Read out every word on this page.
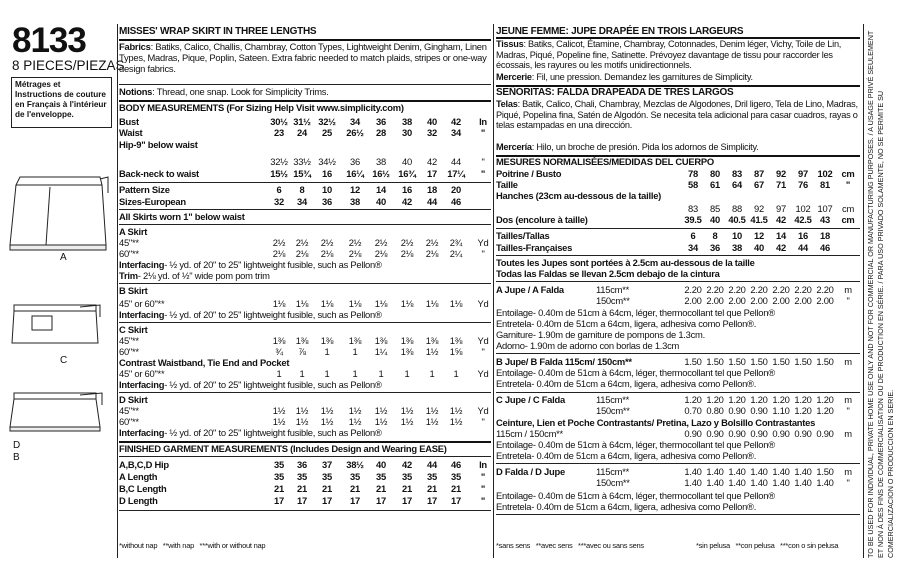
8133
8 PIECES/PIEZAS
Métrages et Instructions de couture en Français à l'intérieur de l'enveloppe.
A
C
D
B
MISSES' WRAP SKIRT IN THREE LENGTHS
Fabrics: Batiks, Calico, Challis, Chambray, Cotton Types, Lightweight Denim, Gingham, Linen Types, Madras, Pique, Poplin, Sateen. Extra fabric needed to match plaids, stripes or one-way design fabrics.
Notions: Thread, one snap. Look for Simplicity Trims.
BODY MEASUREMENTS (For Sizing Help Visit www.simplicity.com)
Bust	30½ 31½ 32½	34	36	38	40	42	In
Waist	23	24	25	26½	28	30	32	34	"
Hip-9" below waist
32½ 33½ 34½	36	38	40	42	44	"
Back-neck to waist	15½ 15¾	16	16¼ 16½ 16¾	17	17¼	"
Pattern Size	6	8	10	12	14	16	18	20
Sizes-European	32	34	36	38	40	42	44	46
All Skirts worn 1" below waist
A Skirt
45"**	2½	2½	2½	2½	2½	2½	2½	2¾	Yd
60"**	2⅛	2⅛	2⅛	2⅛	2⅛	2⅛	2⅛	2¼	"
Interfacing- ½ yd. of 20" to 25" lightweight fusible, such as Pellon®
Trim- 2⅛ yd. of ½" wide pom pom trim
B Skirt
45" or 60"**	1⅛	1⅛	1⅛	1⅛	1⅛	1⅛	1⅛	1⅛	Yd
Interfacing- ½ yd. of 20" to 25" lightweight fusible, such as Pellon®
C Skirt
45"**	1⅜	1⅜	1⅜	1⅜	1⅜	1⅜	1⅜	1⅜	Yd
60"**	¾	⅞	1	1	1¼	1⅜	1½	1⅝	"
Contrast Waistband, Tie End and Pocket
45" or 60"**	1	1	1	1	1	1	1	1	Yd
Interfacing- ½ yd. of 20" to 25" lightweight fusible, such as Pellon®
D Skirt
45"**	1½	1½	1½	1½	1½	1½	1½	1½	Yd
60"**	1½	1½	1½	1½	1½	1½	1½	1½	"
Interfacing- ½ yd. of 20" to 25" lightweight fusible, such as Pellon®
FINISHED GARMENT MEASUREMENTS (Includes Design and Wearing EASE)
A,B,C,D Hip	35	36	37	38½	40	42	44	46	In
A Length	35	35	35	35	35	35	35	35	"
B,C Length	21	21	21	21	21	21	21	21	"
D Length	17	17	17	17	17	17	17	17	"
*without nap   **with nap   ***with or without nap
JEUNE FEMME: JUPE DRAPÉE EN TROIS LARGEURS
Tissus: Batiks, Calicot, Étamine, Chambray, Cotonnades, Denim léger, Vichy, Toile de Lin, Madras, Piqué, Popeline fine, Satinette. Prévoyez davantage de tissu pour raccorder les écossais, les rayures ou les motifs unidirectionnels.
Mercerie: Fil, une pression. Demandez les garnitures de Simplicity.
SEÑORITAS: FALDA DRAPEADA DE TRES LARGOS
Telas: Batik, Calico, Chali, Chambray, Mezclas de Algodones, Dril ligero, Tela de Lino, Madras, Piqué, Popelina fina, Satén de Algodón. Se necesita tela adicional para casar cuadros, rayas o telas estampadas en una dirección.
Mercería: Hilo, un broche de presión. Pida los adornos de Simplicity.
MESURES NORMALISÉES/MEDIDAS DEL CUERPO
Poitrine / Busto	78	80	83	87	92	97	102 cm
Taille	58	61	64	67	71	76	81	"
Hanches (23cm au-dessous de la taille)
83	85	88	92	97	102 107	cm
Dos (encolure à taille)	39.5 40 40.5 41.5 42 42.5 43	cm
Tailles/Tallas	6	8	10	12	14	16	18
Tailles-Françaises	34	36	38	40	42	44	46
Toutes les Jupes sont portées à 2.5cm au-dessous de la taille
Todas las Faldas se llevan 2.5cm debajo de la cintura
A Jupe / A Falda	115cm**	2.20 2.20 2.20 2.20 2.20 2.20 2.20	m
150cm**	2.00 2.00 2.00 2.00 2.00 2.00 2.00	"
Entoilage- 0.40m de 51cm à 64cm, léger, thermocollant tel que Pellon®
Entretela- 0.40m de 51cm a 64cm, ligera, adhesiva como Pellon®.
Garniture- 1.90m de garniture de pompons de 1.3cm.
Adorno- 1.90m de adorno con borlas de 1.3cm
B Jupe/ B Falda 115cm/ 150cm**	1.50 1.50 1.50 1.50 1.50 1.50 1.50	m
Entoilage- 0.40m de 51cm à 64cm, léger, thermocollant tel que Pellon®
Entretela- 0.40m de 51cm a 64cm, ligera, adhesiva como Pellon®.
C Jupe / C Falda	115cm**	1.20 1.20 1.20 1.20 1.20 1.20 1.20	m
150cm**	0.70 0.80 0.90 0.90 1.10 1.20 1.20	"
Ceinture, Lien et Poche Contrastants/ Pretina, Lazo y Bolsillo Contrastantes
115cm / 150cm**	0.90 0.90 0.90 0.90 0.90 0.90 0.90	m
Entoilage- 0.40m de 51cm à 64cm, léger, thermocollant tel que Pellon®
Entretela- 0.40m de 51cm a 64cm, ligera, adhesiva como Pellon®.
D Falda / D Jupe	115cm**	1.40 1.40 1.40 1.40 1.40 1.40 1.50	m
150cm**	1.40 1.40 1.40 1.40 1.40 1.40 1.40	"
Entoilage- 0.40m de 51cm à 64cm, léger, thermocollant tel que Pellon®
Entretela- 0.40m de 51cm a 64cm, ligera, adhesiva como Pellon®.
*sans sens   **avec sens   ***avec ou sans sens	*sin pelusa   **con pelusa   ***con o sin pelusa	TO BE USED FOR INDIVIDUAL, PRIVATE HOME USE ONLY AND NOT FOR COMMERCIAL OR MANUFACTURING PURPOSES. / A USAGE PRIVÉ SEULEMENT ET NON À DES FINS DE COMMERCIALISATION OU DE PRODUCTION EN SÉRIE. / PARA USO PRIVADO SOLAMENTE, NO SE PERMITE SU COMERCIALIZACION O PRODUCCION EN SERIE.
